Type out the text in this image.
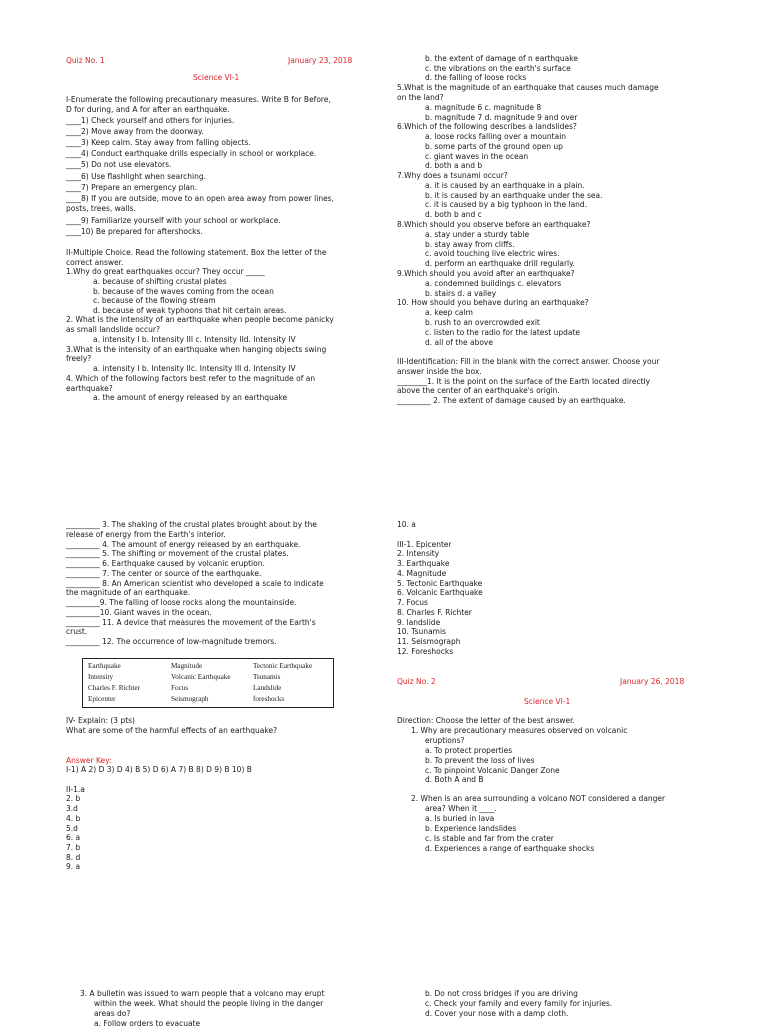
Quiz No. 1	January 23, 2018
Science VI-1
I-Enumerate the following precautionary measures. Write B for Before,
D for during, and A for after an earthquake.
____1) Check yourself and others for injuries.
____2) Move away from the doorway.
____3) Keep calm. Stay away from falling objects.
____4) Conduct earthquake drills especially in school or workplace.
____5) Do not use elevators.
____6) Use flashlight when searching.
____7) Prepare an emergency plan.
____8) If you are outside, move to an open area away from power lines,
posts, trees, walls.
____9) Familiarize yourself with your school or workplace.
____10) Be prepared for aftershocks.
II-Multiple Choice. Read the following statement. Box the letter of the
correct answer.
1.Why do great earthquakes occur? They occur _____
a. because of shifting crustal plates
b. because of the waves coming from the ocean
c. because of the flowing stream
d. because of weak typhoons that hit certain areas.
2. What is the intensity of an earthquake when people become panicky
as small landslide occur?
a. intensity I b. Intensity III c. Intensity IId. Intensity IV
3.What is the intensity of an earthquake when hanging objects swing
freely?
a. intensity I b. Intensity IIc. Intensity III d. Intensity IV
4. Which of the following factors best refer to the magnitude of an
earthquake?
a. the amount of energy released by an earthquake
b. the extent of damage of n earthquake
c. the vibrations on the earth's surface
d. the falling of loose rocks
5.What is the magnitude of an earthquake that causes much damage
on the land?
a. magnitude 6 c. magnitude 8
b. magnitude 7 d. magnitude 9 and over
6.Which of the following describes a landslides?
a. loose rocks falling over a mountain
b. some parts of the ground open up
c. giant waves in the ocean
d. both a and b
7.Why does a tsunami occur?
a. it is caused by an earthquake in a plain.
b. it is caused by an earthquake under the sea.
c. it is caused by a big typhoon in the land.
d. both b and c
8.Which should you observe before an earthquake?
a. stay under a sturdy table
b. stay away from cliffs.
c. avoid touching live electric wires.
d. perform an earthquake drill regularly.
9.Which should you avoid after an earthquake?
a. condemned buildings c. elevators
b. stairs d. a valley
10. How should you behave during an earthquake?
a. keep calm
b. rush to an overcrowded exit
c. listen to the radio for the latest update
d. all of the above
III-Identification: Fill in the blank with the correct answer. Choose your
answer inside the box.
________1. It is the point on the surface of the Earth located directly
above the center of an earthquake's origin.
_________ 2. The extent of damage caused by an earthquake.
_________ 3. The shaking of the crustal plates brought about by the
release of energy from the Earth's interior.
_________ 4. The amount of energy released by an earthquake.
_________ 5. The shifting or movement of the crustal plates.
_________ 6. Earthquake caused by volcanic eruption.
_________ 7. The center or source of the earthquake.
_________ 8. An American scientist who developed a scale to indicate
the magnitude of an earthquake.
_________9. The falling of loose rocks along the mountainside.
_________10. Giant waves in the ocean.
_________ 11. A device that measures the movement of the Earth's
crust.
_________ 12. The occurrence of low-magnitude tremors.
Earthquake	Magnitude	Tectonic Earthquake
Intensity	Volcanic Earthquake	Tsunamis
Charles F. Richter	Focus	Landslide
Epicenter	Seismograph	foreshocks
IV- Explain: (3 pts)
What are some of the harmful effects of an earthquake?
Answer Key:
I-1) A 2) D 3) D 4) B 5) D 6) A 7) B 8) D 9) B 10) B
II-1.a
2. b
3.d
4. b
5.d
6. a
7. b
8. d
9. a
3. A bulletin was issued to warn people that a volcano may erupt
within the week. What should the people living in the danger
areas do?
a. Follow orders to evacuate
10. a
III-1. Epicenter
2. Intensity
3. Earthquake
4. Magnitude
5. Tectonic Earthquake
6. Volcanic Earthquake
7. Focus
8. Charles F. Richter
9. landslide
10. Tsunamis
11. Seismograph
12. Foreshocks
Quiz No. 2	January 26, 2018
Science VI-1
Direction: Choose the letter of the best answer.
1. Why are precautionary measures observed on volcanic
eruptions?
a. To protect properties
b. To prevent the loss of lives
c. To pinpoint Volcanic Danger Zone
d. Both A and B
2. When is an area surrounding a volcano NOT considered a danger
area? When it ____.
a. Is buried in lava
b. Experience landslides
c. Is stable and far from the crater
d. Experiences a range of earthquake shocks
b. Do not cross bridges if you are driving
c. Check your family and every family for injuries.
d. Cover your nose with a damp cloth.
